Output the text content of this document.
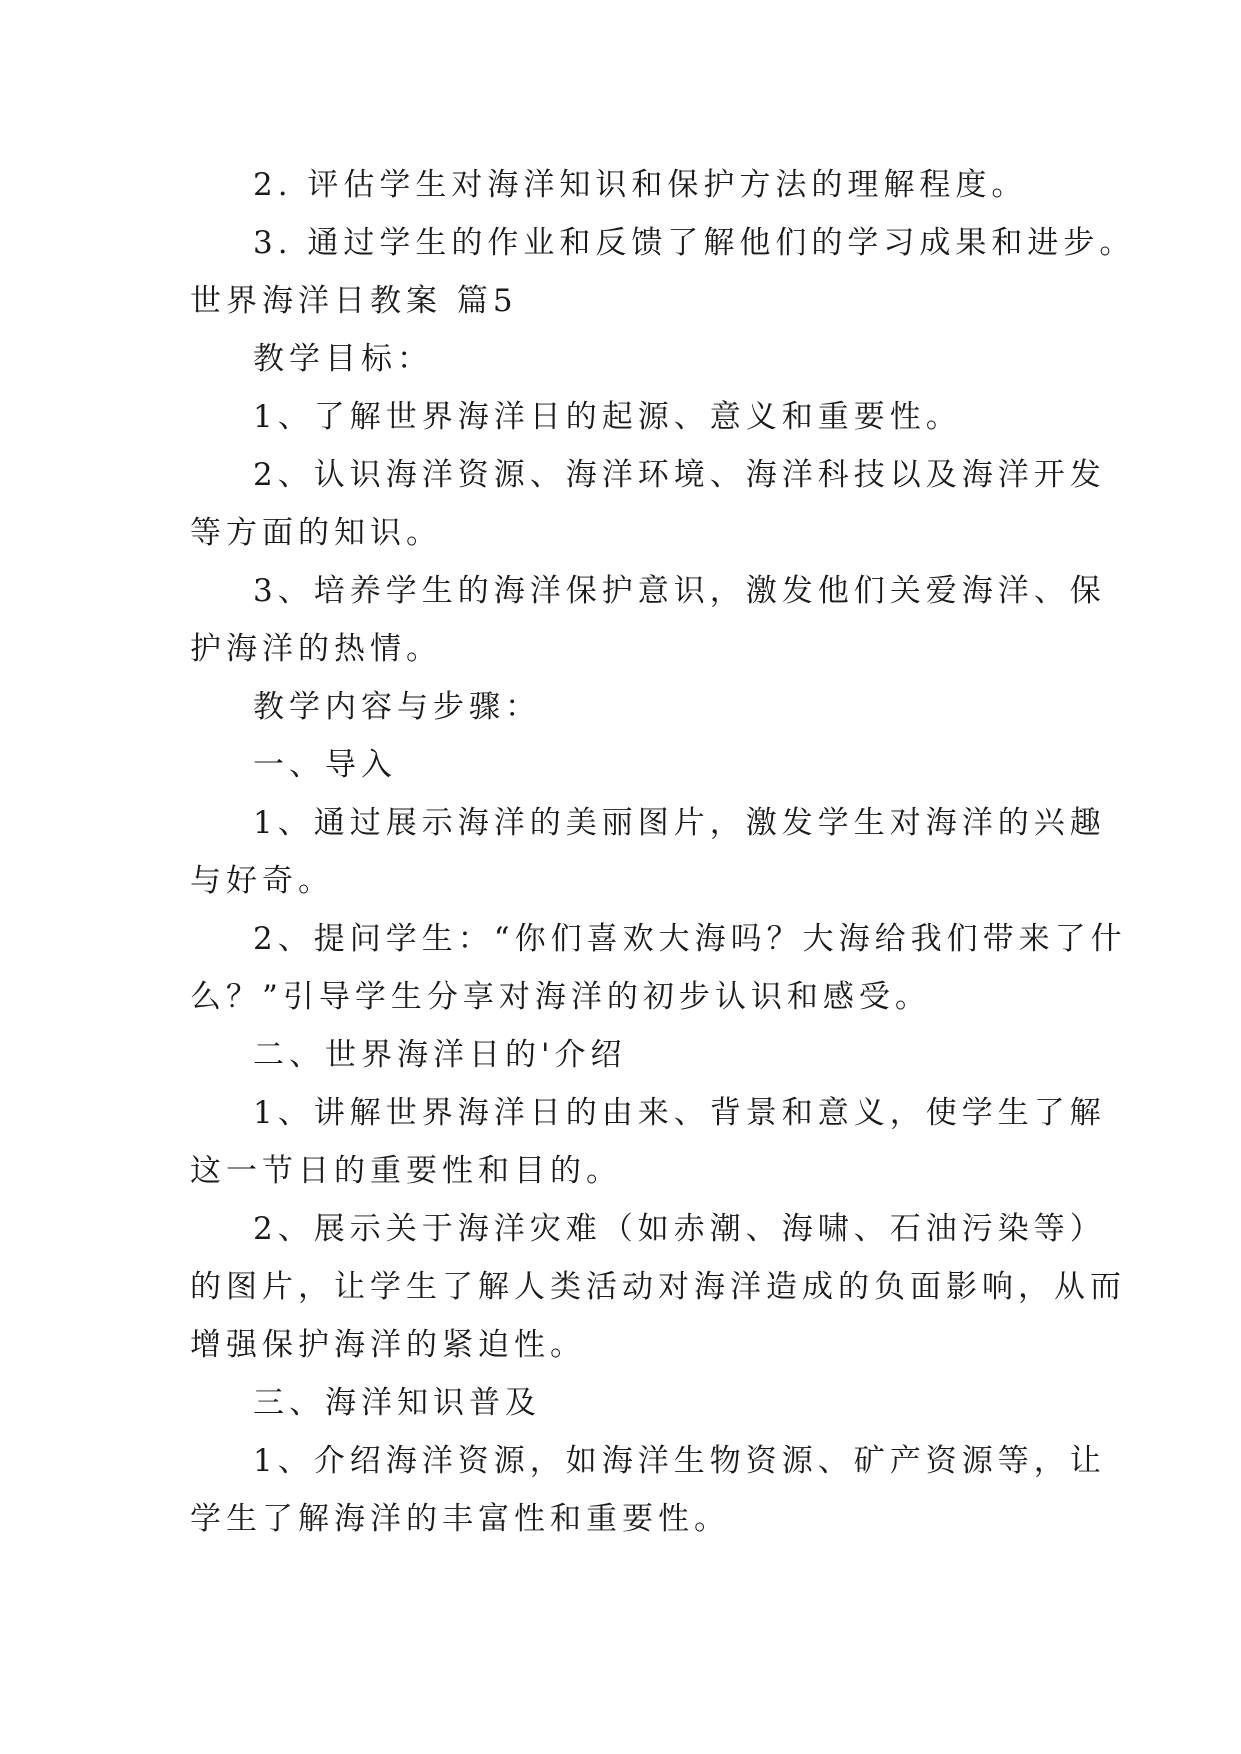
2. 评估学生对海洋知识和保护方法的理解程度。
3. 通过学生的作业和反馈了解他们的学习成果和进步。
世界海洋日教案 篇5
教学目标：
1、了解世界海洋日的起源、意义和重要性。
2、认识海洋资源、海洋环境、海洋科技以及海洋开发
等方面的知识。
3、培养学生的海洋保护意识，激发他们关爱海洋、保
护海洋的热情。
教学内容与步骤：
一、导入
1、通过展示海洋的美丽图片，激发学生对海洋的兴趣
与好奇。
2、提问学生：“你们喜欢大海吗？大海给我们带来了什
么？”引导学生分享对海洋的初步认识和感受。
二、世界海洋日的'介绍
1、讲解世界海洋日的由来、背景和意义，使学生了解
这一节日的重要性和目的。
2、展示关于海洋灾难（如赤潮、海啸、石油污染等）
的图片，让学生了解人类活动对海洋造成的负面影响，从而
增强保护海洋的紧迫性。
三、海洋知识普及
1、介绍海洋资源，如海洋生物资源、矿产资源等，让
学生了解海洋的丰富性和重要性。
